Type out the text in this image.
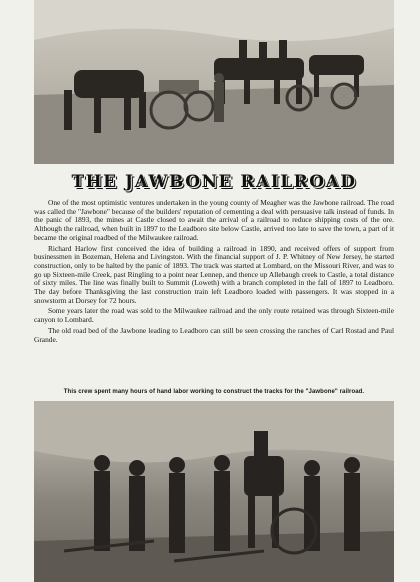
THE JAWBONE RAILROAD

One of the most optimistic ventures undertaken in the young county of Meagher was the Jawbone railroad. The road was called the "Jawbone" because of the builders' reputation of cementing a deal with persuasive talk instead of funds. In the panic of 1893, the mines at Castle closed to await the arrival of a railroad to reduce shipping costs of the ore. Although the railroad, when built in 1897 to the Leadboro site below Castle, arrived too late to save the town, a part of it became the original roadbed of the Milwaukee railroad.

Richard Harlow first conceived the idea of building a railroad in 1890, and received offers of support from businessmen in Bozeman, Helena and Livingston. With the financial support of J. P. Whitney of New Jersey, he started construction, only to be halted by the panic of 1893. The track was started at Lombard, on the Missouri River, and was to go up Sixteen-mile Creek, past Ringling to a point near Lennep, and thence up Allebaugh creek to Castle, a total distance of sixty miles. The line was finally built to Summit (Loweth) with a branch completed in the fall of 1897 to Leadboro. The day before Thanksgiving the last construction train left Leadboro loaded with passengers. It was stopped in a snowstorm at Dorsey for 72 hours.

Some years later the road was sold to the Milwaukee railroad and the only route retained was through Sixteen-mile canyon to Lombard.

The old road bed of the Jawbone leading to Leadboro can still be seen crossing the ranches of Carl Rostad and Paul Grande.

This crew spent many hours of hand labor working to construct the tracks for the "Jawbone" railroad.
